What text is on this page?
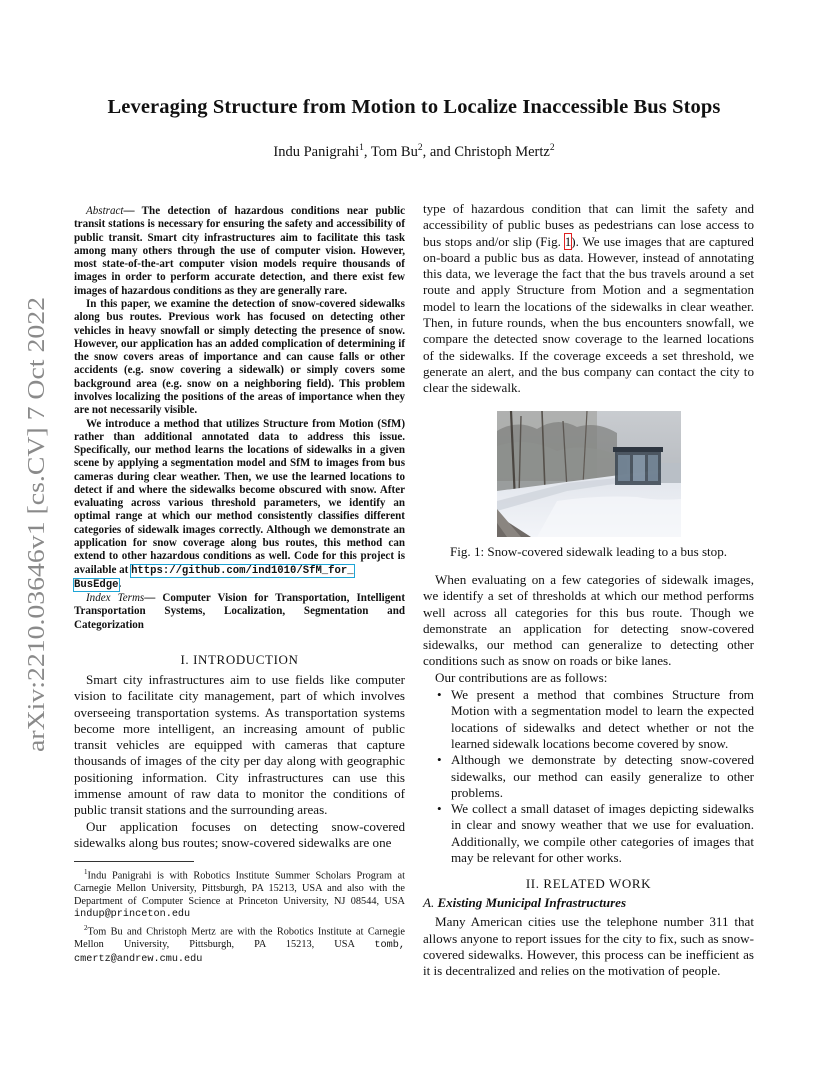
arXiv:2210.03646v1 [cs.CV] 7 Oct 2022
Leveraging Structure from Motion to Localize Inaccessible Bus Stops
Indu Panigrahi$^1$, Tom Bu$^2$, and Christoph Mertz$^2$

Abstract— The detection of hazardous conditions near public transit stations is necessary for ensuring the safety and accessibility of public transit. Smart city infrastructures aim to facilitate this task among many others through the use of computer vision. However, most state-of-the-art computer vision models require thousands of images in order to perform accurate detection, and there exist few images of hazardous conditions as they are generally rare.

In this paper, we examine the detection of snow-covered sidewalks along bus routes. Previous work has focused on detecting other vehicles in heavy snowfall or simply detecting the presence of snow. However, our application has an added complication of determining if the snow covers areas of importance and can cause falls or other accidents (e.g. snow covering a sidewalk) or simply covers some background area (e.g. snow on a neighboring field). This problem involves localizing the positions of the areas of importance when they are not necessarily visible.

We introduce a method that utilizes Structure from Motion (SfM) rather than additional annotated data to address this issue. Specifically, our method learns the locations of sidewalks in a given scene by applying a segmentation model and SfM to images from bus cameras during clear weather. Then, we use the learned locations to detect if and where the sidewalks become obscured with snow. After evaluating across various threshold parameters, we identify an optimal range at which our method consistently classifies different categories of sidewalk images correctly. Although we demonstrate an application for snow coverage along bus routes, this method can extend to other hazardous conditions as well. Code for this project is available at https://github.com/ind1010/SfM_for_
BusEdge.

Index Terms— Computer Vision for Transportation, Intelligent Transportation Systems, Localization, Segmentation and Categorization

I. INTRODUCTION

Smart city infrastructures aim to use fields like computer vision to facilitate city management, part of which involves overseeing transportation systems. As transportation systems become more intelligent, an increasing amount of public transit vehicles are equipped with cameras that capture thousands of images of the city per day along with geographic positioning information. City infrastructures can use this immense amount of raw data to monitor the conditions of public transit stations and the surrounding areas.

Our application focuses on detecting snow-covered sidewalks along bus routes; snow-covered sidewalks are one

$^1$Indu Panigrahi is with Robotics Institute Summer Scholars Program at Carnegie Mellon University, Pittsburgh, PA 15213, USA and also with the Department of Computer Science at Princeton University, NJ 08544, USA indup@princeton.edu

$^2$Tom Bu and Christoph Mertz are with the Robotics Institute at Carnegie Mellon University, Pittsburgh, PA 15213, USA tomb, cmertz@andrew.cmu.edu

type of hazardous condition that can limit the safety and accessibility of public buses as pedestrians can lose access to bus stops and/or slip (Fig. 1). We use images that are captured on-board a public bus as data. However, instead of annotating this data, we leverage the fact that the bus travels around a set route and apply Structure from Motion and a segmentation model to learn the locations of the sidewalks in clear weather. Then, in future rounds, when the bus encounters snowfall, we compare the detected snow coverage to the learned locations of the sidewalks. If the coverage exceeds a set threshold, we generate an alert, and the bus company can contact the city to clear the sidewalk.

Fig. 1: Snow-covered sidewalk leading to a bus stop.

When evaluating on a few categories of sidewalk images, we identify a set of thresholds at which our method performs well across all categories for this bus route. Though we demonstrate an application for detecting snow-covered sidewalks, our method can generalize to detecting other conditions such as snow on roads or bike lanes.

Our contributions are as follows:

• We present a method that combines Structure from Motion with a segmentation model to learn the expected locations of sidewalks and detect whether or not the learned sidewalk locations become covered by snow.
• Although we demonstrate by detecting snow-covered sidewalks, our method can easily generalize to other problems.
• We collect a small dataset of images depicting sidewalks in clear and snowy weather that we use for evaluation. Additionally, we compile other categories of images that may be relevant for other works.

II. RELATED WORK

A. Existing Municipal Infrastructures

Many American cities use the telephone number 311 that allows anyone to report issues for the city to fix, such as snow-covered sidewalks. However, this process can be inefficient as it is decentralized and relies on the motivation of people.
